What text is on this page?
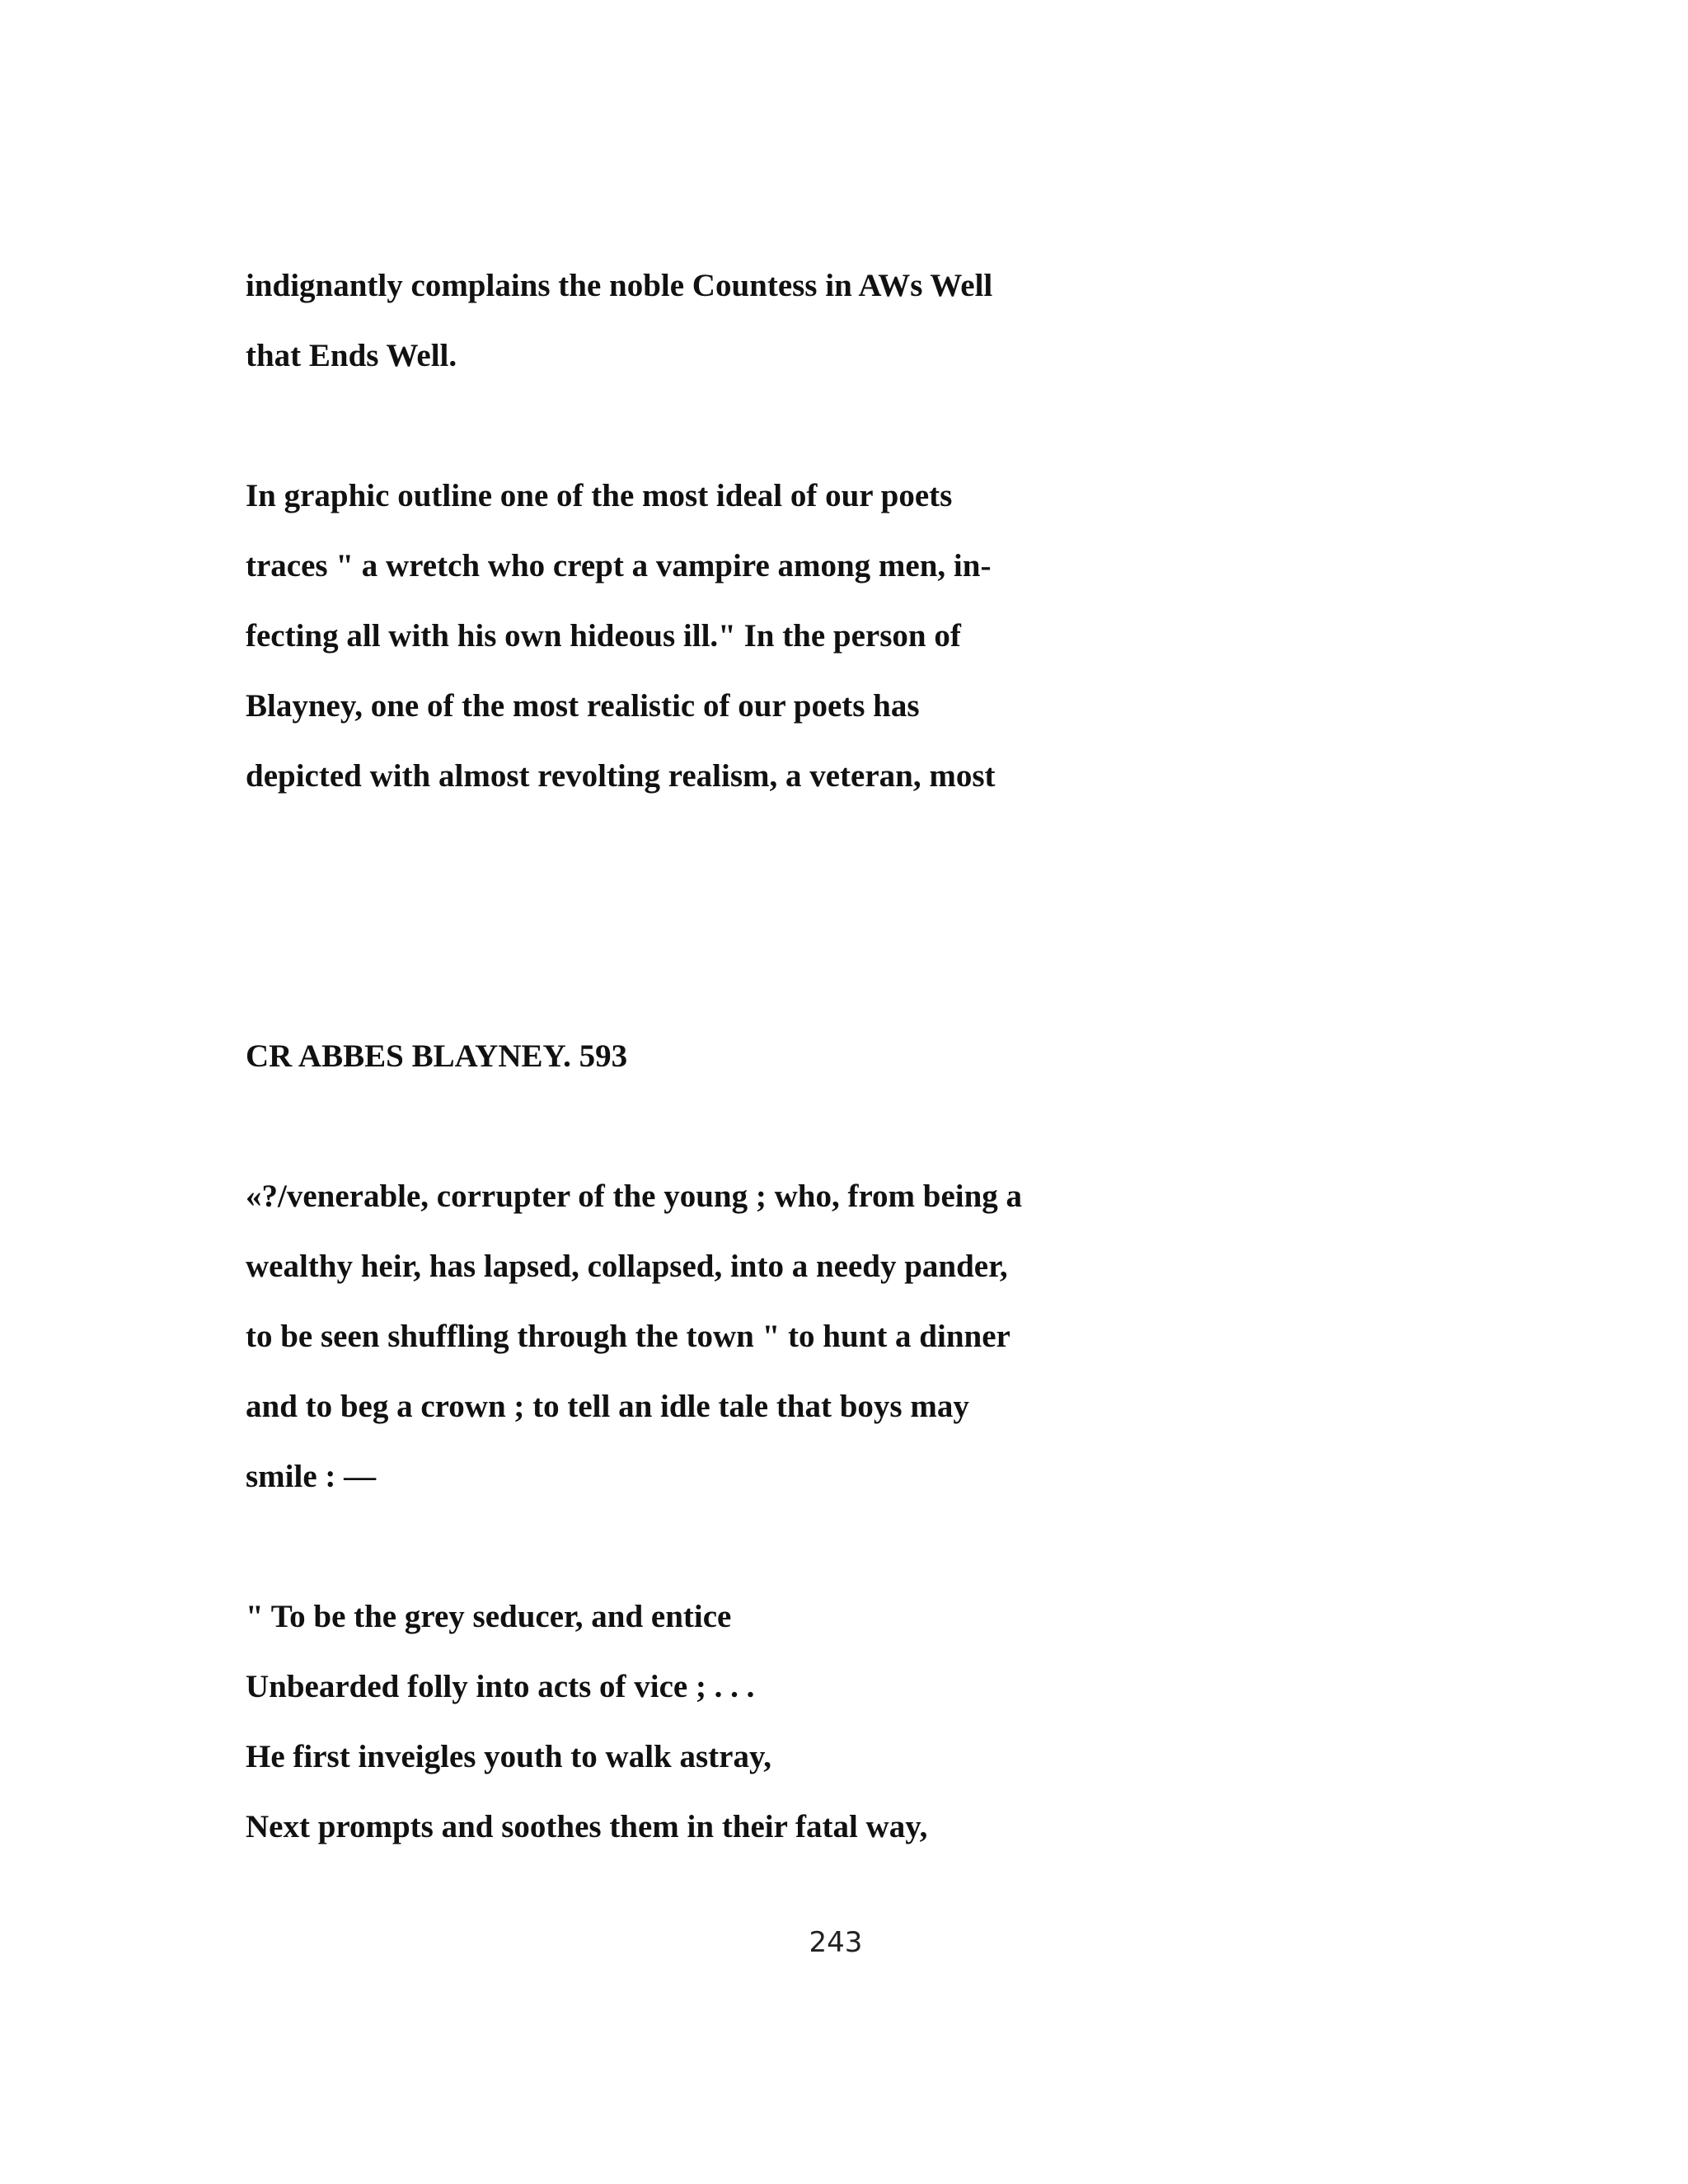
indignantly complains the noble Countess in AWs Well

that Ends Well.

In graphic outline one of the most ideal of our poets

traces " a wretch who crept a vampire among men, in-

fecting all with his own hideous ill." In the person of

Blayney, one of the most realistic of our poets has

depicted with almost revolting realism, a veteran, most

CR ABBES BLAYNEY. 593

«?/venerable, corrupter of the young ; who, from being a

wealthy heir, has lapsed, collapsed, into a needy pander,

to be seen shuffling through the town " to hunt a dinner

and to beg a crown ; to tell an idle tale that boys may

smile : —

" To be the grey seducer, and entice

Unbearded folly into acts of vice ; . . .

He first inveigles youth to walk astray,

Next prompts and soothes them in their fatal way,

243
